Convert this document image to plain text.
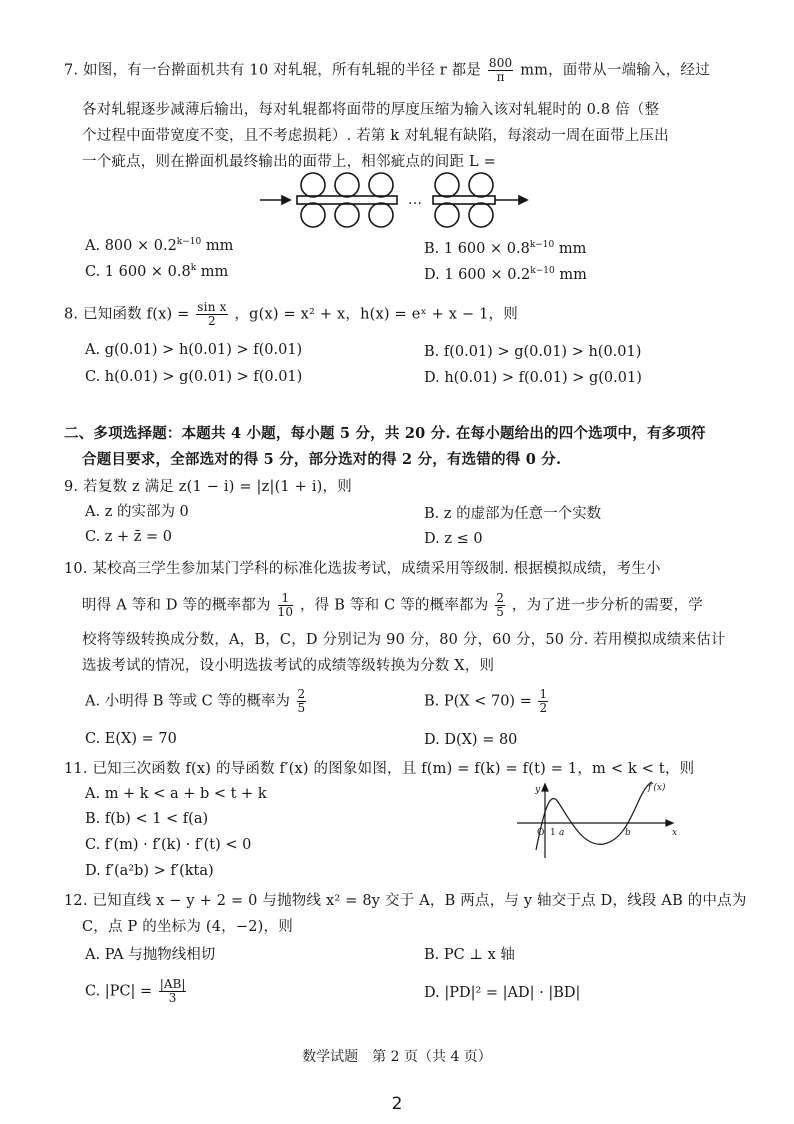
7. 如图，有一台擀面机共有 10 对轧辊，所有轧辊的半径 r 都是 $\frac{800}{\pi}$ mm，面带从一端输入，经过
各对轧辊逐步减薄后输出，每对轧辊都将面带的厚度压缩为输入该对轧辊时的 0.8 倍（整
个过程中面带宽度不变，且不考虑损耗）. 若第 k 对轧辊有缺陷，每滚动一周在面带上压出
一个疵点，则在擀面机最终输出的面带上，相邻疵点的间距 L =
…
A. $800 \times 0.2^{k-10}$ mm	B. 1 $600 \times 0.8^{k-10}$ mm
C. 1 $600 \times 0.8^k$ mm	D. 1 $600 \times 0.2^{k-10}$ mm
8. 已知函数 $f(x) = \frac{\text{sin x}}{2}$ ，g(x) = x² + x，h(x) = eˣ + x − 1，则
A. g(0.01) > h(0.01) > f(0.01)	B. f(0.01) > g(0.01) > h(0.01)
C. h(0.01) > g(0.01) > f(0.01)	D. h(0.01) > f(0.01) > g(0.01)
二、多项选择题：本题共 4 小题，每小题 5 分，共 20 分. 在每小题给出的四个选项中，有多项符
合题目要求，全部选对的得 5 分，部分选对的得 2 分，有选错的得 0 分.
9. 若复数 z 满足 z(1 − i) = |z|(1 + i)，则
A. z 的实部为 0	B. z 的虚部为任意一个实数
C. z + z̄ = 0	D. z ≤ 0
10. 某校高三学生参加某门学科的标准化选拔考试，成绩采用等级制. 根据模拟成绩，考生小
明得 A 等和 D 等的概率都为 $\frac{1}{10}$ ，得 B 等和 C 等的概率都为 $\frac{2}{5}$ ，为了进一步分析的需要，学
校将等级转换成分数，A，B，C，D 分别记为 90 分，80 分，60 分，50 分. 若用模拟成绩来估计
选拔考试的情况，设小明选拔考试的成绩等级转换为分数 X，则
A. 小明得 B 等或 C 等的概率为 $\frac{2}{5}$	B. $P(X < 70) = \frac{1}{2}$
C. E(X) = 70	D. D(X) = 80
11. 已知三次函数 f(x) 的导函数 f′(x) 的图象如图，且 f(m) = f(k) = f(t) = 1，m < k < t，则
A. m + k < a + b < t + k
B. f(b) < 1 < f(a)
C. f′(m) · f′(k) · f′(t) < 0
D. f′(a²b) > f′(kta)
y
x
O 1 a	b
f′(x)
12. 已知直线 x − y + 2 = 0 与抛物线 x² = 8y 交于 A，B 两点，与 y 轴交于点 D，线段 AB 的中点为
C，点 P 的坐标为 (4，−2)，则
A. PA 与抛物线相切	B. PC ⊥ x 轴
C. $|PC| = \frac{|AB|}{3}$	D. |PD|² = |AD| · |BD|
数学试题　第 2 页（共 4 页）
2
